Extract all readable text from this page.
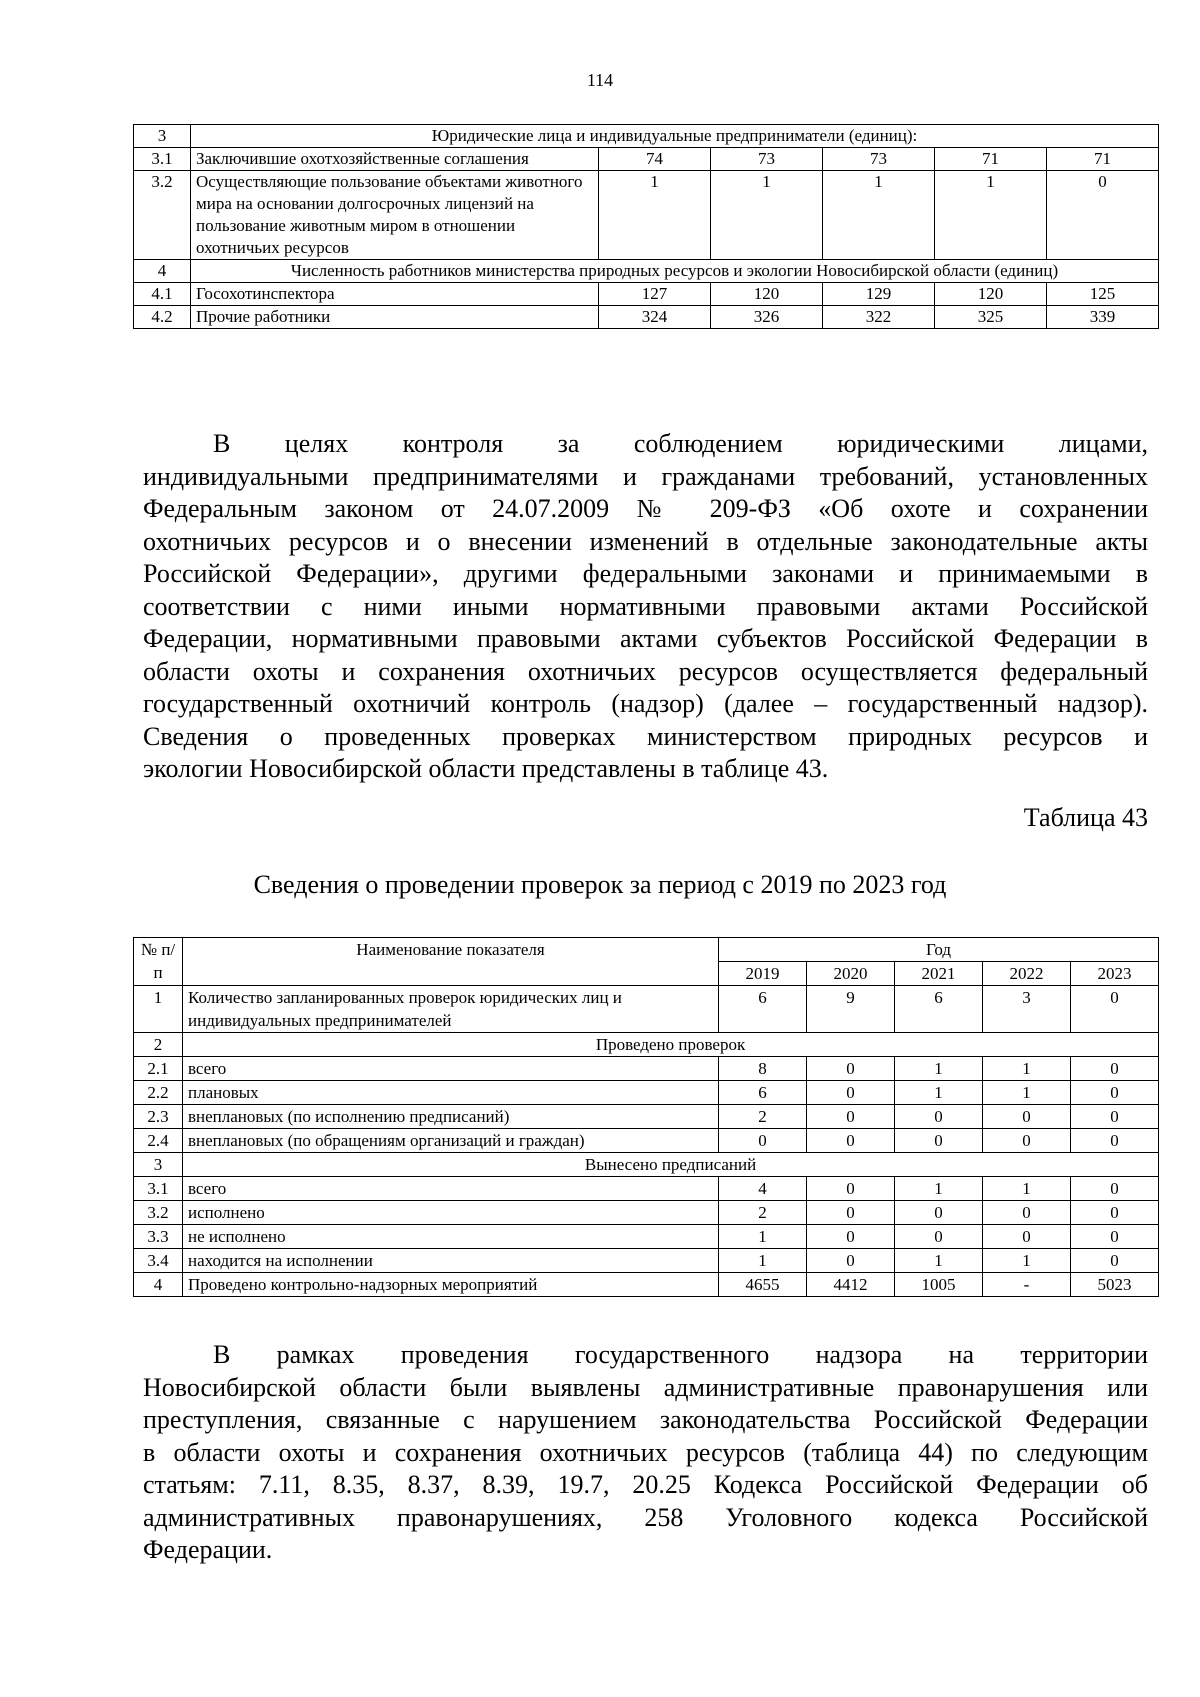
114
3	Юридические лица и индивидуальные предприниматели (единиц):					
3.1	Заключившие охотхозяйственные соглашения	74	73	73	71	71
3.2	Осуществляющие пользование объектами животного мира на основании долгосрочных лицензий на пользование животным миром в отношении охотничьих ресурсов	1	1	1	1	0
4	Численность работников министерства природных ресурсов и экологии Новосибирской области (единиц)					
4.1	Госохотинспектора	127	120	129	120	125
4.2	Прочие работники	324	326	322	325	339
В целях контроля за соблюдением юридическими лицами,
индивидуальными предпринимателями и гражданами требований, установленных
Федеральным законом от 24.07.2009 № 209-ФЗ «Об охоте и сохранении
охотничьих ресурсов и о внесении изменений в отдельные законодательные акты
Российской Федерации», другими федеральными законами и принимаемыми в
соответствии с ними иными нормативными правовыми актами Российской
Федерации, нормативными правовыми актами субъектов Российской Федерации в
области охоты и сохранения охотничьих ресурсов осуществляется федеральный
государственный охотничий контроль (надзор) (далее – государственный надзор).
Сведения о проведенных проверках министерством природных ресурсов и
экологии Новосибирской области представлены в таблице 43.
Таблица 43
Сведения о проведении проверок за период с 2019 по 2023 год
№ п/п	Наименование показателя	Год				
		2019	2020	2021	2022	2023
1	Количество запланированных проверок юридических лиц и индивидуальных предпринимателей	6	9	6	3	0
2	Проведено проверок					
2.1	всего	8	0	1	1	0
2.2	плановых	6	0	1	1	0
2.3	внеплановых (по исполнению предписаний)	2	0	0	0	0
2.4	внеплановых (по обращениям организаций и граждан)	0	0	0	0	0
3	Вынесено предписаний					
3.1	всего	4	0	1	1	0
3.2	исполнено	2	0	0	0	0
3.3	не исполнено	1	0	0	0	0
3.4	находится на исполнении	1	0	1	1	0
4	Проведено контрольно-надзорных мероприятий	4655	4412	1005	-	5023
В рамках проведения государственного надзора на территории
Новосибирской области были выявлены административные правонарушения или
преступления, связанные с нарушением законодательства Российской Федерации
в области охоты и сохранения охотничьих ресурсов (таблица 44) по следующим
статьям: 7.11, 8.35, 8.37, 8.39, 19.7, 20.25 Кодекса Российской Федерации об
административных правонарушениях, 258 Уголовного кодекса Российской
Федерации.
